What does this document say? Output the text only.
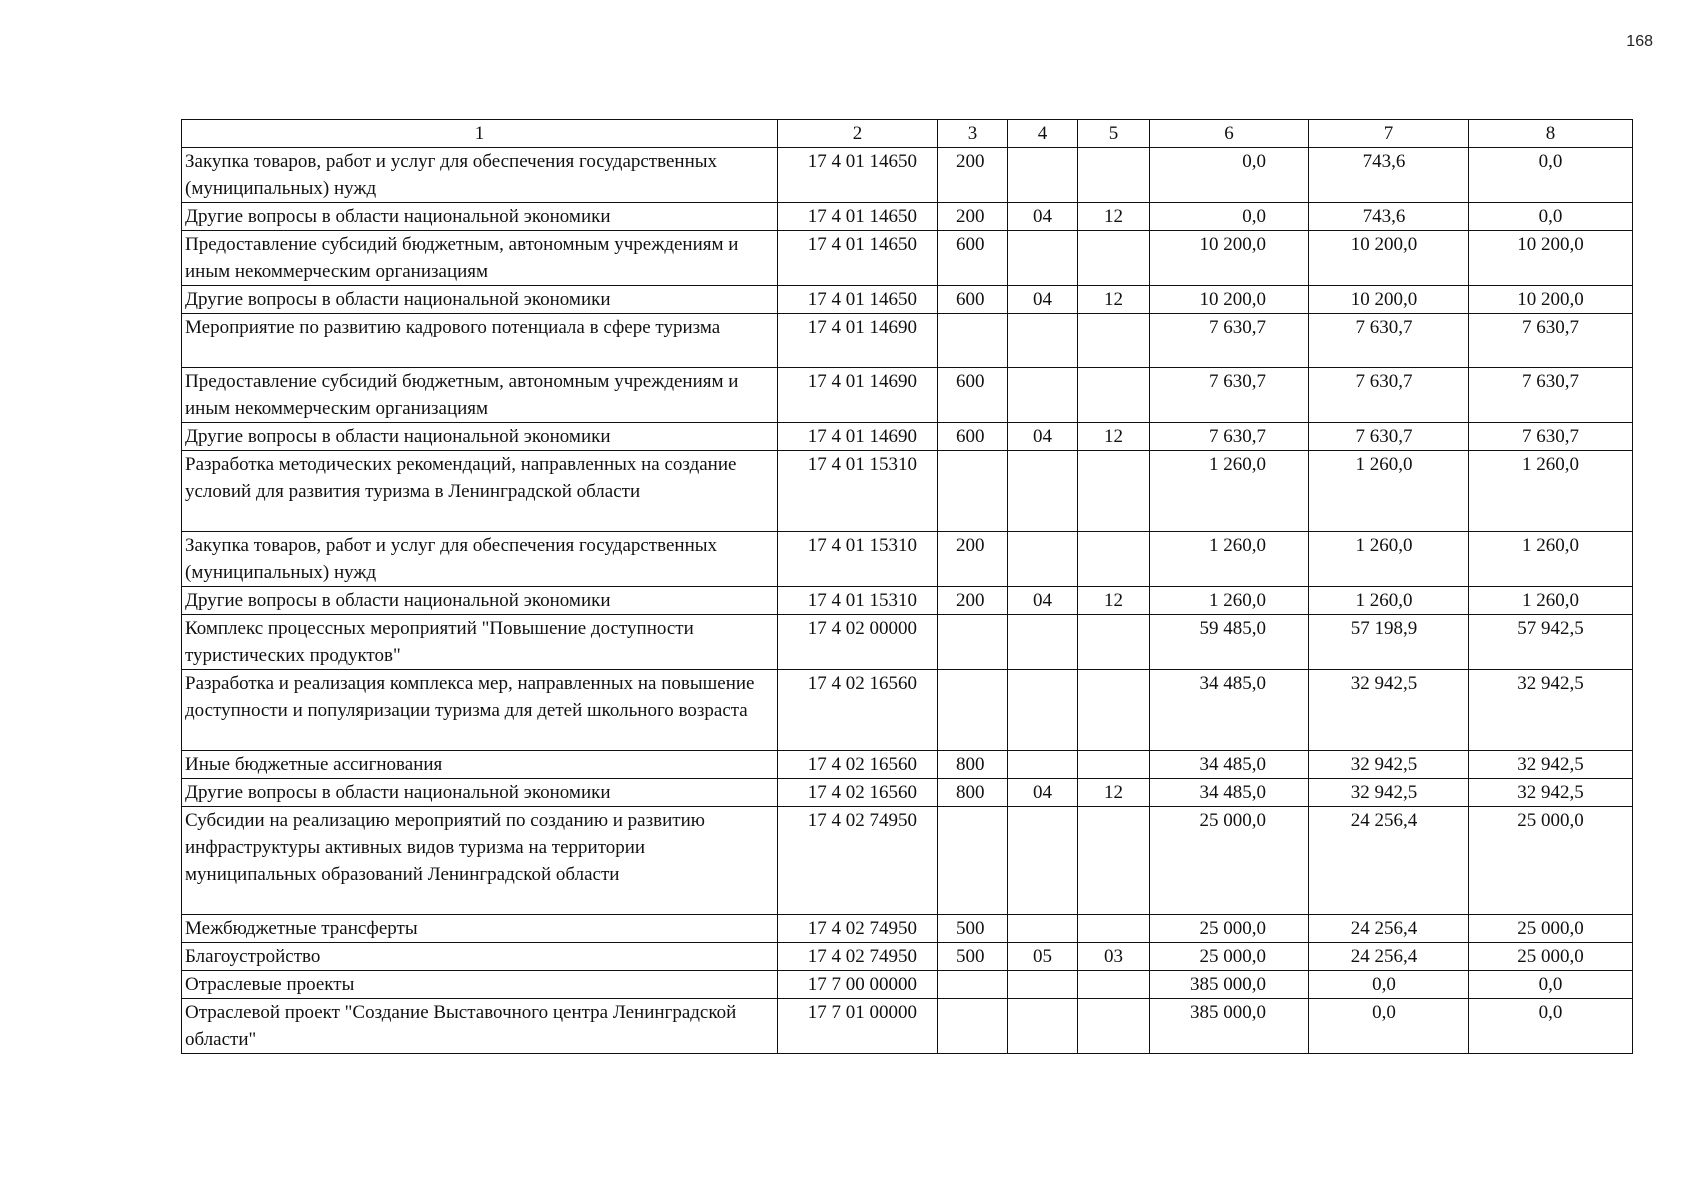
168
1	2	3	4	5	6	7	8
Закупка товаров, работ и услуг для обеспечения государственных (муниципальных) нужд	17 4 01 14650	200			0,0	743,6	0,0
Другие вопросы в области национальной экономики	17 4 01 14650	200	04	12	0,0	743,6	0,0
Предоставление субсидий бюджетным, автономным учреждениям и иным некоммерческим организациям	17 4 01 14650	600			10 200,0	10 200,0	10 200,0
Другие вопросы в области национальной экономики	17 4 01 14650	600	04	12	10 200,0	10 200,0	10 200,0
Мероприятие по развитию кадрового потенциала в сфере туризма	17 4 01 14690				7 630,7	7 630,7	7 630,7
Предоставление субсидий бюджетным, автономным учреждениям и иным некоммерческим организациям	17 4 01 14690	600			7 630,7	7 630,7	7 630,7
Другие вопросы в области национальной экономики	17 4 01 14690	600	04	12	7 630,7	7 630,7	7 630,7
Разработка методических рекомендаций, направленных на создание условий для развития туризма в Ленинградской области	17 4 01 15310				1 260,0	1 260,0	1 260,0
Закупка товаров, работ и услуг для обеспечения государственных (муниципальных) нужд	17 4 01 15310	200			1 260,0	1 260,0	1 260,0
Другие вопросы в области национальной экономики	17 4 01 15310	200	04	12	1 260,0	1 260,0	1 260,0
Комплекс процессных мероприятий "Повышение доступности туристических продуктов"	17 4 02 00000				59 485,0	57 198,9	57 942,5
Разработка и реализация комплекса мер, направленных на повышение доступности и популяризации туризма для детей школьного возраста	17 4 02 16560				34 485,0	32 942,5	32 942,5
Иные бюджетные ассигнования	17 4 02 16560	800			34 485,0	32 942,5	32 942,5
Другие вопросы в области национальной экономики	17 4 02 16560	800	04	12	34 485,0	32 942,5	32 942,5
Субсидии на реализацию мероприятий по созданию и развитию инфраструктуры активных видов туризма на территории муниципальных образований Ленинградской области	17 4 02 74950				25 000,0	24 256,4	25 000,0
Межбюджетные трансферты	17 4 02 74950	500			25 000,0	24 256,4	25 000,0
Благоустройство	17 4 02 74950	500	05	03	25 000,0	24 256,4	25 000,0
Отраслевые проекты	17 7 00 00000				385 000,0	0,0	0,0
Отраслевой проект "Создание Выставочного центра Ленинградской области"	17 7 01 00000				385 000,0	0,0	0,0
